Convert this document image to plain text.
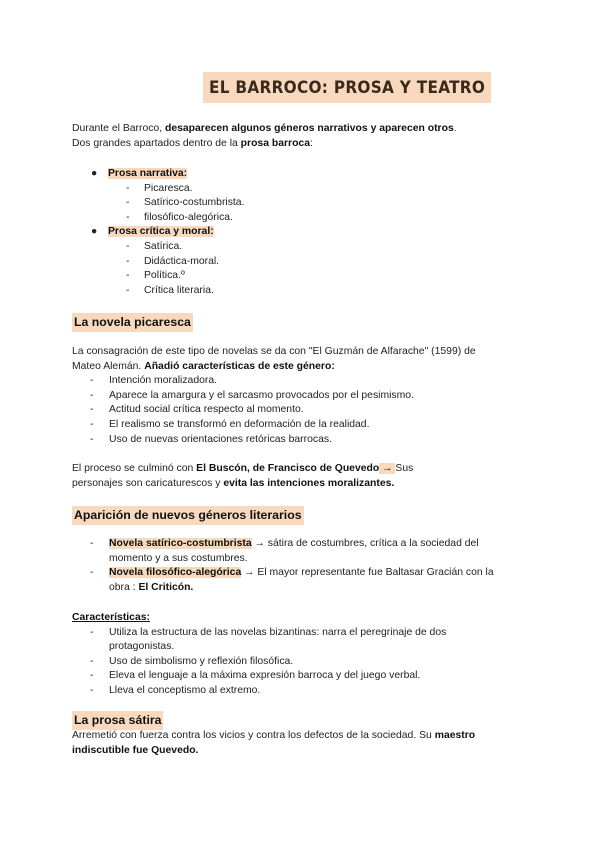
EL BARROCO: PROSA Y TEATRO

Durante el Barroco, desaparecen algunos géneros narrativos y aparecen otros.

Dos grandes apartados dentro de la prosa barroca:

● Prosa narrativa:
- Picaresca.
- Satírico-costumbrista.
- filosófico-alegórica.
● Prosa crítica y moral:
- Satírica.
- Didáctica-moral.
- Política.º
- Crítica literaria.
La novela picaresca

La consagración de este tipo de novelas se da con "El Guzmán de Alfarache" (1599) de

Mateo Alemán. Añadió características de este género:

- Intención moralizadora.
- Aparece la amargura y el sarcasmo provocados por el pesimismo.
- Actitud social crítica respecto al momento.
- El realismo se transformó en deformación de la realidad.
- Uso de nuevas orientaciones retóricas barrocas.

El proceso se culminó con El Buscón, de Francisco de Quevedo → Sus

personajes son caricaturescos y evita las intenciones moralizantes.

Aparición de nuevos géneros literarios
- Novela satírico-costumbrista → sátira de costumbres, crítica a la sociedad del
momento y a sus costumbres.
- Novela filosófico-alegórica → El mayor representante fue Baltasar Gracián con la
obra : El Criticón.

Características:

- Utiliza la estructura de las novelas bizantinas: narra el peregrinaje de dos
protagonistas.
- Uso de simbolismo y reflexión filosófica.
- Eleva el lenguaje a la máxima expresión barroca y del juego verbal.
- Lleva el conceptismo al extremo.
La prosa sátira

Arremetió con fuerza contra los vicios y contra los defectos de la sociedad. Su maestro

indiscutible fue Quevedo.
